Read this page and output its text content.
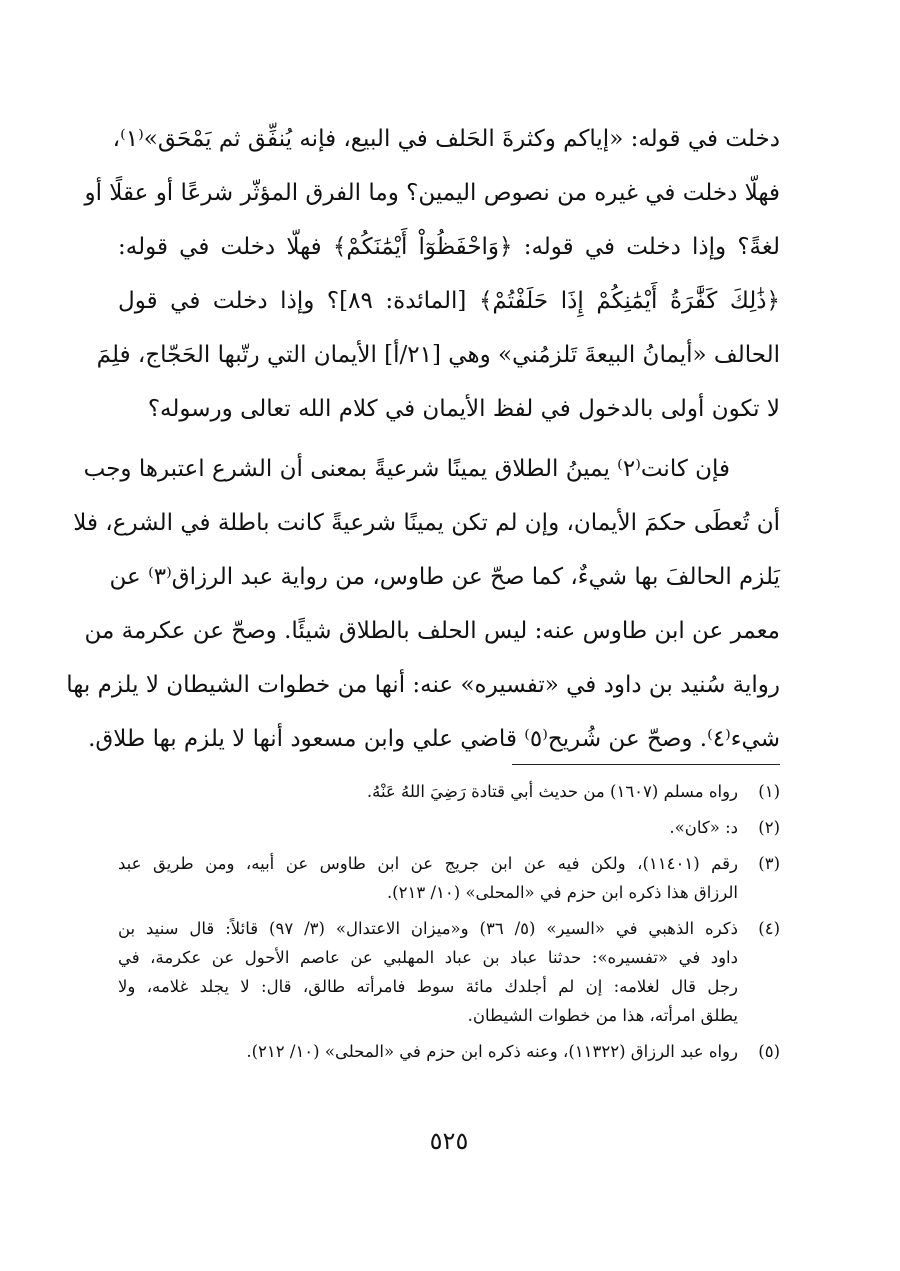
دخلت في قوله: «إياكم وكثرةَ الحَلف في البيع، فإنه يُنفِّق ثم يَمْحَق»⁽١⁾،
فهلّا دخلت في غيره من نصوص اليمين؟ وما الفرق المؤثّر شرعًا أو عقلًا أو
لغةً؟ وإذا دخلت في قوله: ﴿وَاحْفَظُوٓاْ أَيْمَٰنَكُمْ﴾ فهلّا دخلت في قوله:
﴿ذَٰلِكَ كَفَّٰرَةُ أَيْمَٰنِكُمْ إِذَا حَلَفْتُمْ﴾ [المائدة: ٨٩]؟ وإذا دخلت في قول
الحالف «أيمانُ البيعةَ تَلزمُني» وهي [٢١/أ] الأيمان التي رتّبها الحَجّاج، فلِمَ
لا تكون أولى بالدخول في لفظ الأيمان في كلام الله تعالى ورسوله؟
فإن كانت⁽٢⁾ يمينُ الطلاق يمينًا شرعيةً بمعنى أن الشرع اعتبرها وجب
أن تُعطَى حكمَ الأيمان، وإن لم تكن يمينًا شرعيةً كانت باطلة في الشرع، فلا
يَلزم الحالفَ بها شيءٌ، كما صحّ عن طاوس، من رواية عبد الرزاق⁽٣⁾ عن
معمر عن ابن طاوس عنه: ليس الحلف بالطلاق شيئًا. وصحّ عن عكرمة من
رواية سُنيد بن داود في «تفسيره» عنه: أنها من خطوات الشيطان لا يلزم بها
شيء⁽٤⁾. وصحّ عن شُريح⁽٥⁾ قاضي علي وابن مسعود أنها لا يلزم بها طلاق.
(١)
رواه مسلم (١٦٠٧) من حديث أبي قتادة رَضِيَ اللهُ عَنْهُ.
(٢)
د: «كان».
(٣)
رقم (١١٤٠١)، ولكن فيه عن ابن جريج عن ابن طاوس عن أبيه، ومن طريق عبد
الرزاق هذا ذكره ابن حزم في «المحلى» (١٠/ ٢١٣).
(٤)
ذكره الذهبي في «السير» (٥/ ٣٦) و«ميزان الاعتدال» (٣/ ٩٧) قائلاً: قال سنيد بن
داود في «تفسيره»: حدثنا عباد بن عباد المهلبي عن عاصم الأحول عن عكرمة، في
رجل قال لغلامه: إن لم أجلدك مائة سوط فامرأته طالق، قال: لا يجلد غلامه، ولا
يطلق امرأته، هذا من خطوات الشيطان.
(٥)
رواه عبد الرزاق (١١٣٢٢)، وعنه ذكره ابن حزم في «المحلى» (١٠/ ٢١٢).
٥٢٥
